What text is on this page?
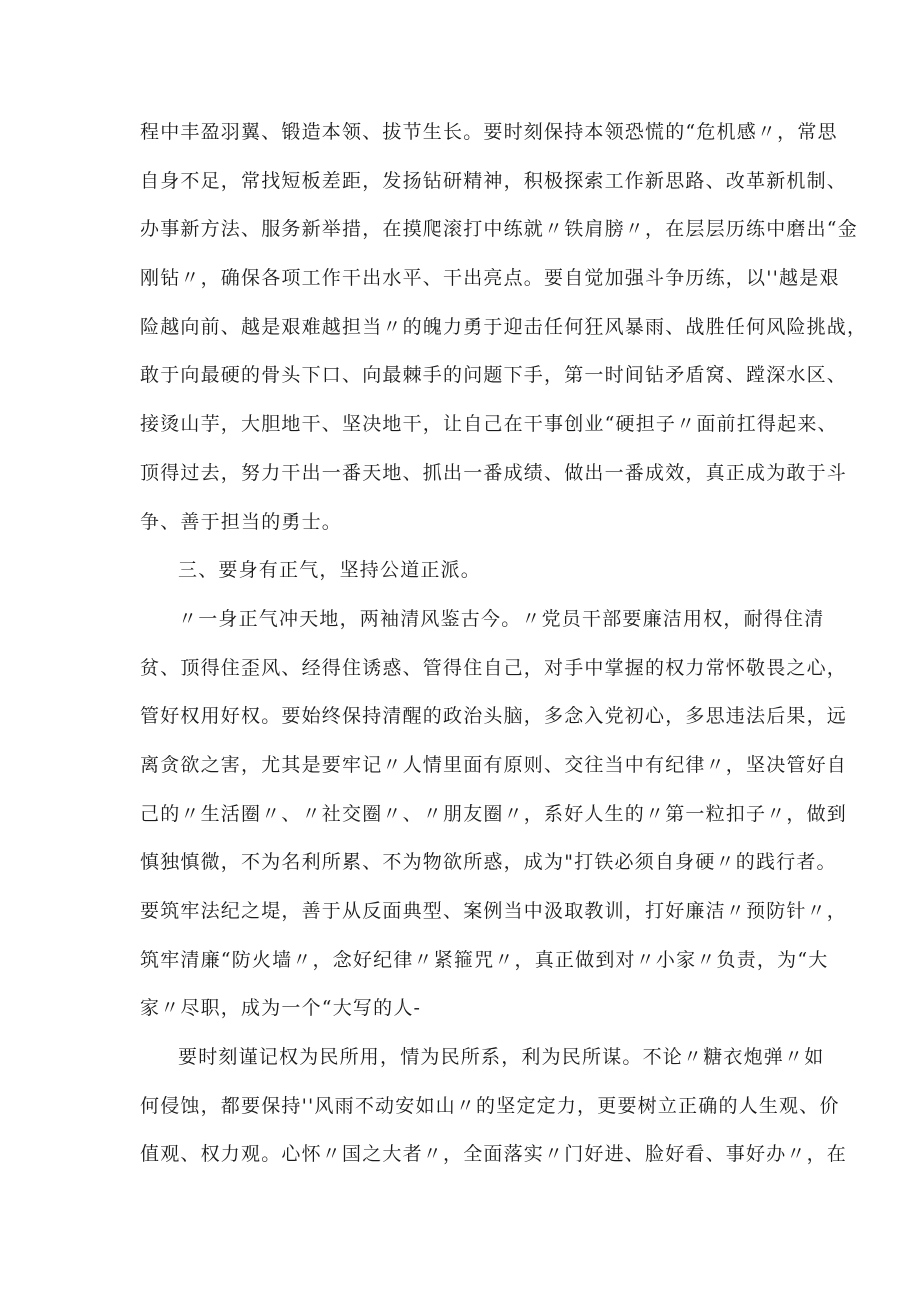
程中丰盈羽翼、锻造本领、拔节生长。要时刻保持本领恐慌的“危机感〃，常思
自身不足，常找短板差距，发扬钻研精神，积极探索工作新思路、改革新机制、
办事新方法、服务新举措，在摸爬滚打中练就〃铁肩膀〃，在层层历练中磨出“金
刚钻〃，确保各项工作干出水平、干出亮点。要自觉加强斗争历练，以''越是艰
险越向前、越是艰难越担当〃的魄力勇于迎击任何狂风暴雨、战胜任何风险挑战，
敢于向最硬的骨头下口、向最棘手的问题下手，第一时间钻矛盾窝、蹚深水区、
接烫山芋，大胆地干、坚决地干，让自己在干事创业“硬担子〃面前扛得起来、
顶得过去，努力干出一番天地、抓出一番成绩、做出一番成效，真正成为敢于斗
争、善于担当的勇士。
三、要身有正气，坚持公道正派。
〃一身正气冲天地，两袖清风鉴古今。〃党员干部要廉洁用权，耐得住清
贫、顶得住歪风、经得住诱惑、管得住自己，对手中掌握的权力常怀敬畏之心，
管好权用好权。要始终保持清醒的政治头脑，多念入党初心，多思违法后果，远
离贪欲之害，尤其是要牢记〃人情里面有原则、交往当中有纪律〃，坚决管好自
己的〃生活圈〃、〃社交圈〃、〃朋友圈〃，系好人生的〃第一粒扣子〃，做到
慎独慎微，不为名利所累、不为物欲所惑，成为"打铁必须自身硬〃的践行者。
要筑牢法纪之堤，善于从反面典型、案例当中汲取教训，打好廉洁〃预防针〃，
筑牢清廉“防火墙〃，念好纪律〃紧箍咒〃，真正做到对〃小家〃负责，为“大
家〃尽职，成为一个“大写的人-
要时刻谨记权为民所用，情为民所系，利为民所谋。不论〃糖衣炮弹〃如
何侵蚀，都要保持''风雨不动安如山〃的坚定定力，更要树立正确的人生观、价
值观、权力观。心怀〃国之大者〃，全面落实〃门好进、脸好看、事好办〃，在
